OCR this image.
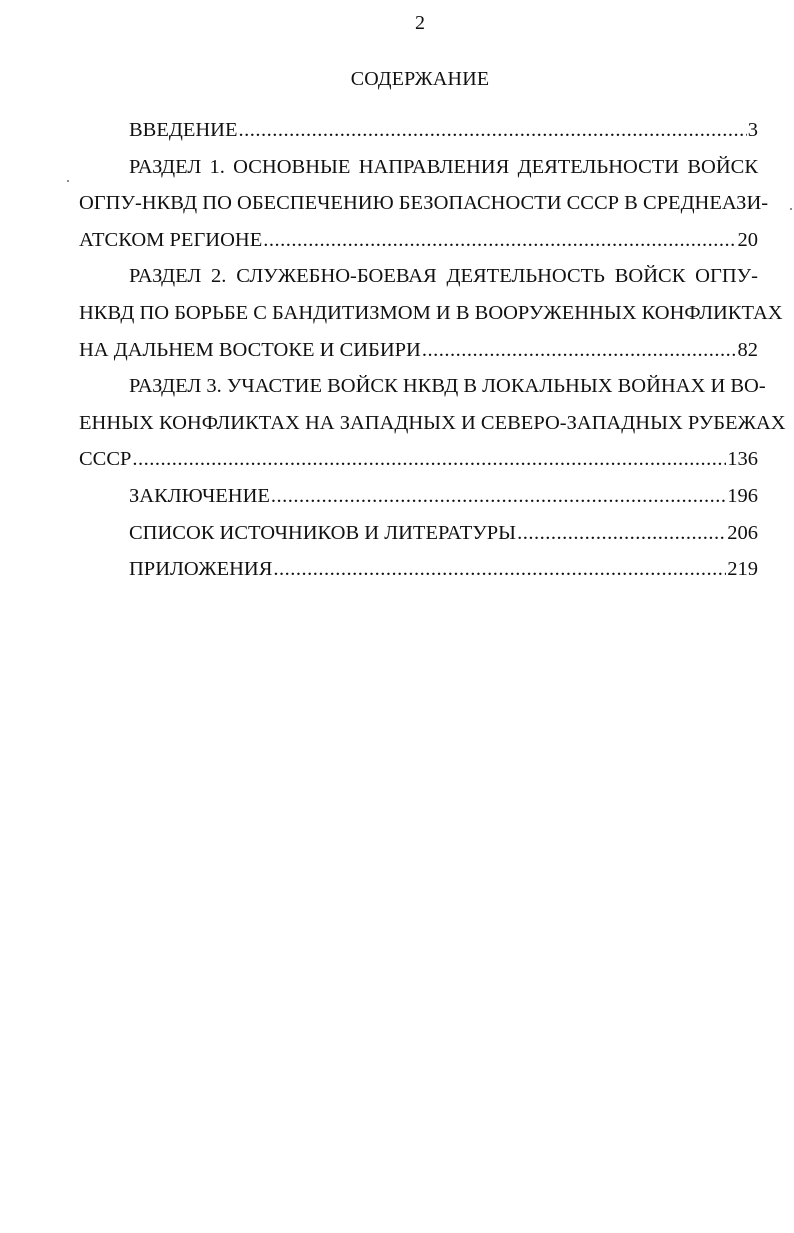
2
СОДЕРЖАНИЕ
ВВЕДЕНИЕ .....	3
РАЗДЕЛ 1. ОСНОВНЫЕ НАПРАВЛЕНИЯ ДЕЯТЕЛЬНОСТИ ВОЙСК
ОГПУ-НКВД ПО ОБЕСПЕЧЕНИЮ БЕЗОПАСНОСТИ СССР В СРЕДНЕАЗИ-
АТСКОМ РЕГИОНЕ .....	20
РАЗДЕЛ 2. СЛУЖЕБНО-БОЕВАЯ ДЕЯТЕЛЬНОСТЬ ВОЙСК ОГПУ-
НКВД ПО БОРЬБЕ С БАНДИТИЗМОМ И В ВООРУЖЕННЫХ КОНФЛИКТАХ
НА ДАЛЬНЕМ ВОСТОКЕ И СИБИРИ .....	82
РАЗДЕЛ 3. УЧАСТИЕ ВОЙСК НКВД В ЛОКАЛЬНЫХ ВОЙНАХ И ВО-
ЕННЫХ КОНФЛИКТАХ НА ЗАПАДНЫХ И СЕВЕРО-ЗАПАДНЫХ РУБЕЖАХ
СССР .....	136
ЗАКЛЮЧЕНИЕ .....	196
СПИСОК ИСТОЧНИКОВ И ЛИТЕРАТУРЫ .....	206
ПРИЛОЖЕНИЯ .....	219
